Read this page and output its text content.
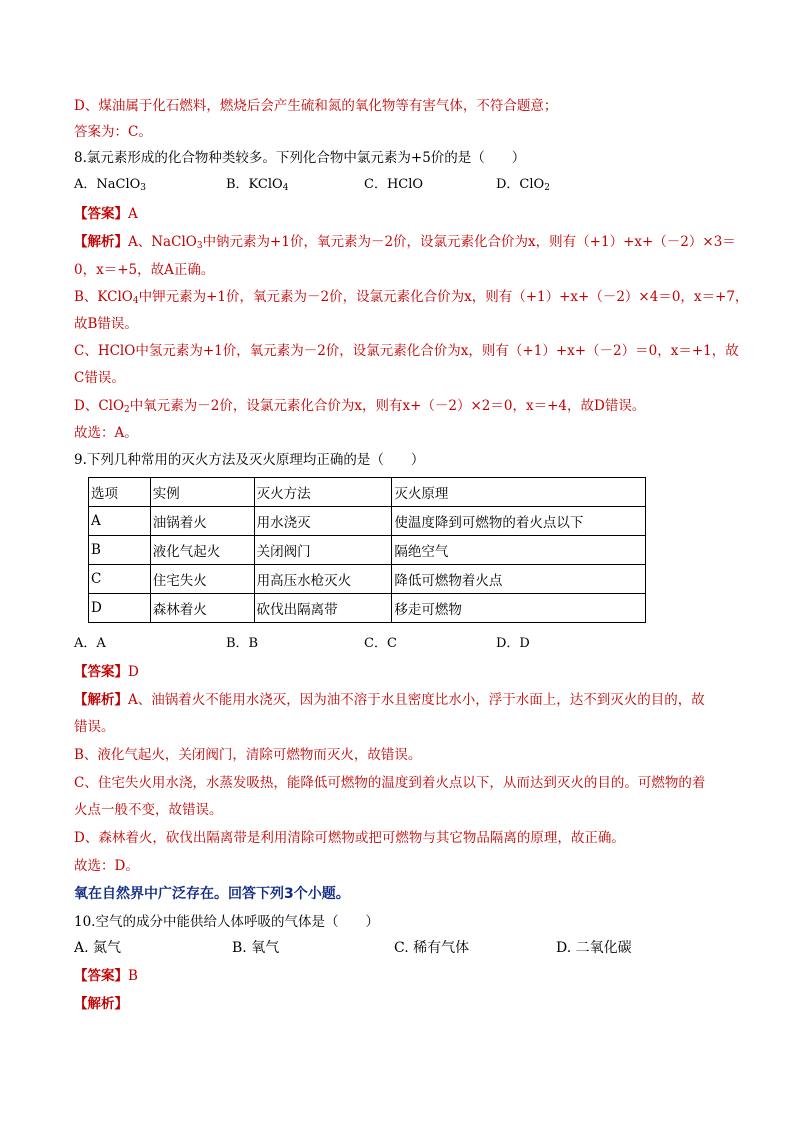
D、煤油属于化石燃料，燃烧后会产生硫和氮的氧化物等有害气体，不符合题意；
答案为：C。
8.氯元素形成的化合物种类较多。下列化合物中氯元素为+5价的是（　　）
A．NaClO$_3$	B．KClO$_4$	C．HClO	D．ClO$_2$
【答案】A
【解析】A、NaClO$_3$中钠元素为+1价，氧元素为－2价，设氯元素化合价为x，则有（+1）+x+（－2）×3＝
0，x＝+5，故A正确。
B、KClO$_4$中钾元素为+1价，氧元素为－2价，设氯元素化合价为x，则有（+1）+x+（－2）×4＝0，x＝+7，
故B错误。
C、HClO中氢元素为+1价，氧元素为－2价，设氯元素化合价为x，则有（+1）+x+（－2）＝0，x＝+1，故
C错误。
D、ClO$_2$中氧元素为－2价，设氯元素化合价为x，则有x+（－2）×2＝0，x＝+4，故D错误。
故选：A。
9.下列几种常用的灭火方法及灭火原理均正确的是（　　）
选项	实例	灭火方法	灭火原理
A	油锅着火	用水浇灭	使温度降到可燃物的着火点以下
B	液化气起火	关闭阀门	隔绝空气
C	住宅失火	用高压水枪灭火	降低可燃物着火点
D	森林着火	砍伐出隔离带	移走可燃物
A．A	B．B	C．C	D．D
【答案】D
【解析】A、油锅着火不能用水浇灭，因为油不溶于水且密度比水小，浮于水面上，达不到灭火的目的，故
错误。
B、液化气起火，关闭阀门，清除可燃物而灭火，故错误。
C、住宅失火用水浇，水蒸发吸热，能降低可燃物的温度到着火点以下，从而达到灭火的目的。可燃物的着
火点一般不变，故错误。
D、森林着火，砍伐出隔离带是利用清除可燃物或把可燃物与其它物品隔离的原理，故正确。
故选：D。
氧在自然界中广泛存在。回答下列3个小题。
10.空气的成分中能供给人体呼吸的气体是（　　）
A. 氮气	B. 氧气	C. 稀有气体	D. 二氧化碳
【答案】B
【解析】
